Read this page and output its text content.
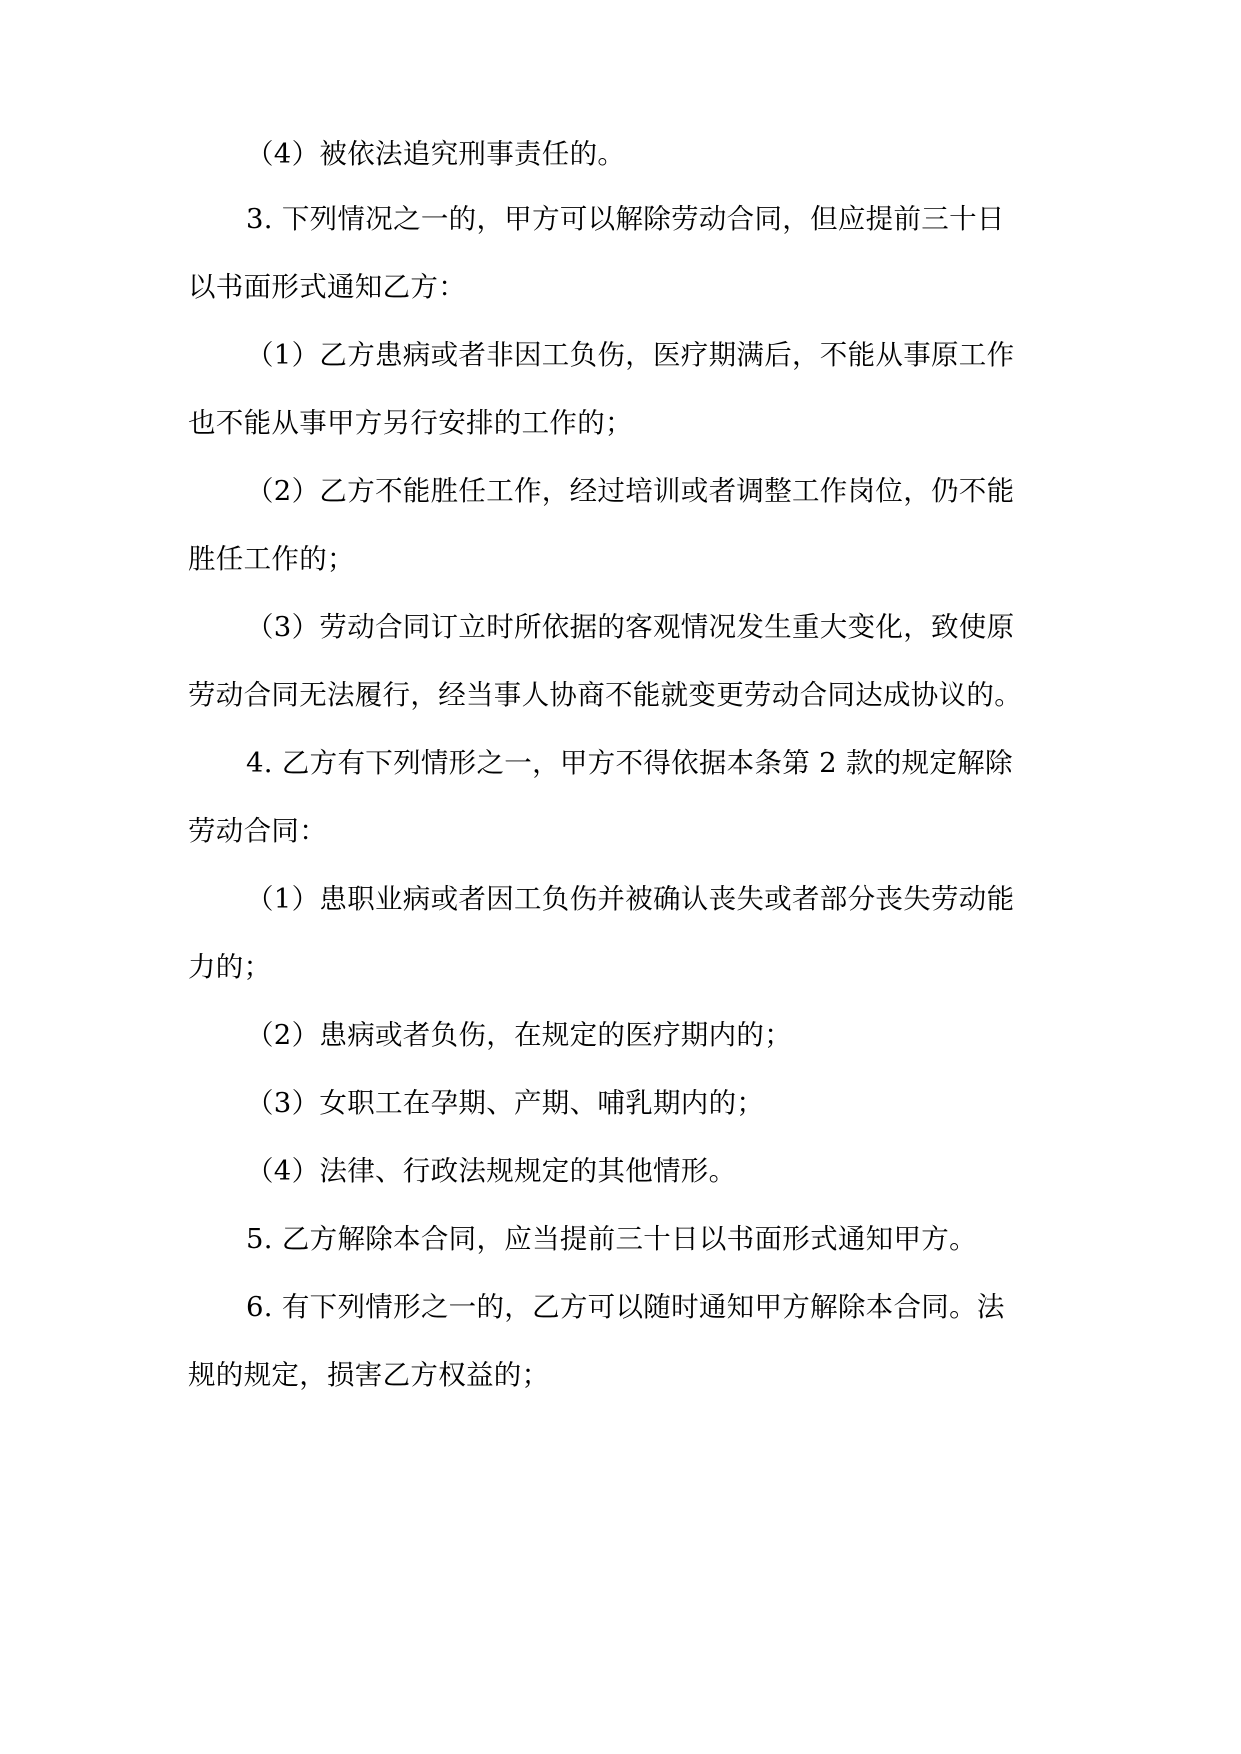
（4）被依法追究刑事责任的。
3. 下列情况之一的，甲方可以解除劳动合同，但应提前三十日
以书面形式通知乙方：
（1）乙方患病或者非因工负伤，医疗期满后，不能从事原工作
也不能从事甲方另行安排的工作的；
（2）乙方不能胜任工作，经过培训或者调整工作岗位，仍不能
胜任工作的；
（3）劳动合同订立时所依据的客观情况发生重大变化，致使原
劳动合同无法履行，经当事人协商不能就变更劳动合同达成协议的。
4. 乙方有下列情形之一，甲方不得依据本条第 2 款的规定解除
劳动合同：
（1）患职业病或者因工负伤并被确认丧失或者部分丧失劳动能
力的；
（2）患病或者负伤，在规定的医疗期内的；
（3）女职工在孕期、产期、哺乳期内的；
（4）法律、行政法规规定的其他情形。
5. 乙方解除本合同，应当提前三十日以书面形式通知甲方。
6. 有下列情形之一的，乙方可以随时通知甲方解除本合同。法
规的规定，损害乙方权益的；
